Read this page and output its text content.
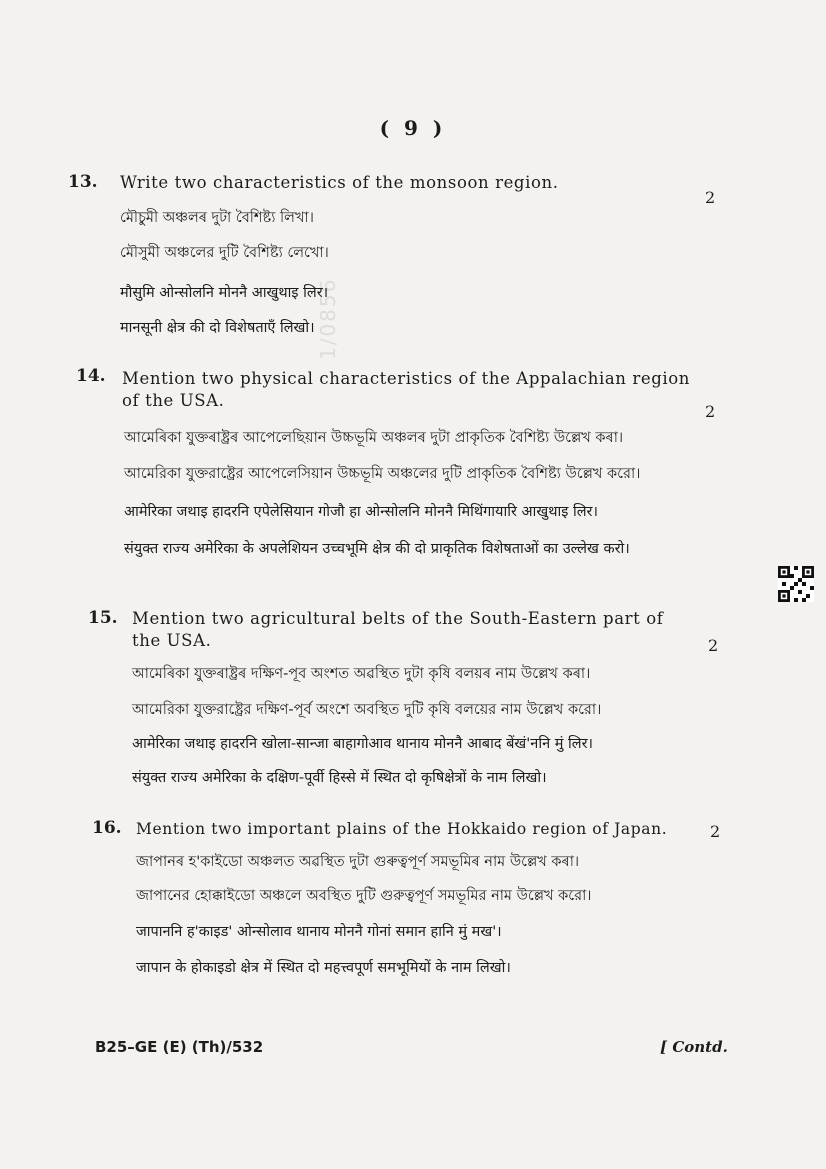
( 9 )
1/0856
13. Write two characteristics of the monsoon region.
2
মৌচুমী অঞ্চলৰ দুটা বৈশিষ্ট্য লিখা।
মৌসুমী অঞ্চলের দুটি বৈশিষ্ট্য লেখো।
मौसुमि ओन्सोलनि मोननै आखुथाइ लिर।
मानसूनी क्षेत्र की दो विशेषताएँ लिखो।
14. Mention two physical characteristics of the Appalachian region of the USA.
2
আমেৰিকা যুক্তৰাষ্ট্ৰৰ আপেলেছিয়ান উচ্চভূমি অঞ্চলৰ দুটা প্ৰাকৃতিক বৈশিষ্ট্য উল্লেখ কৰা।
আমেরিকা যুক্তরাষ্ট্রের আপেলেসিয়ান উচ্চভূমি অঞ্চলের দুটি প্রাকৃতিক বৈশিষ্ট্য উল্লেখ করো।
आमेरिका जथाइ हादरनि एपेलेसियान गोजौ हा ओन्सोलनि मोननै मिथिंगायारि आखुथाइ लिर।
संयुक्त राज्य अमेरिका के अपलेशियन उच्चभूमि क्षेत्र की दो प्राकृतिक विशेषताओं का उल्लेख करो।
15. Mention two agricultural belts of the South-Eastern part of the USA.	2
আমেৰিকা যুক্তৰাষ্ট্ৰৰ দক্ষিণ-পূব অংশত অৱস্থিত দুটা কৃষি বলয়ৰ নাম উল্লেখ কৰা।
আমেরিকা যুক্তরাষ্ট্রের দক্ষিণ-পূর্ব অংশে অবস্থিত দুটি কৃষি বলয়ের নাম উল্লেখ করো।
आमेरिका जथाइ हादरनि खोला-सान्जा बाहागोआव थानाय मोननै आबाद बेंखं'ननि मुं लिर।
संयुक्त राज्य अमेरिका के दक्षिण-पूर्वी हिस्से में स्थित दो कृषिक्षेत्रों के नाम लिखो।
16. Mention two important plains of the Hokkaido region of Japan.	2
জাপানৰ হ'কাইডো অঞ্চলত অৱস্থিত দুটা গুৰুত্বপূৰ্ণ সমভূমিৰ নাম উল্লেখ কৰা।
জাপানের হোক্কাইডো অঞ্চলে অবস্থিত দুটি গুরুত্বপূর্ণ সমভূমির নাম উল্লেখ করো।
जापाननि ह'काइड' ओन्सोलाव थानाय मोननै गोनां समान हानि मुं मख'।
जापान के होकाइडो क्षेत्र में स्थित दो महत्त्वपूर्ण समभूमियों के नाम लिखो।
B25–GE (E) (Th)/532	[ Contd.
